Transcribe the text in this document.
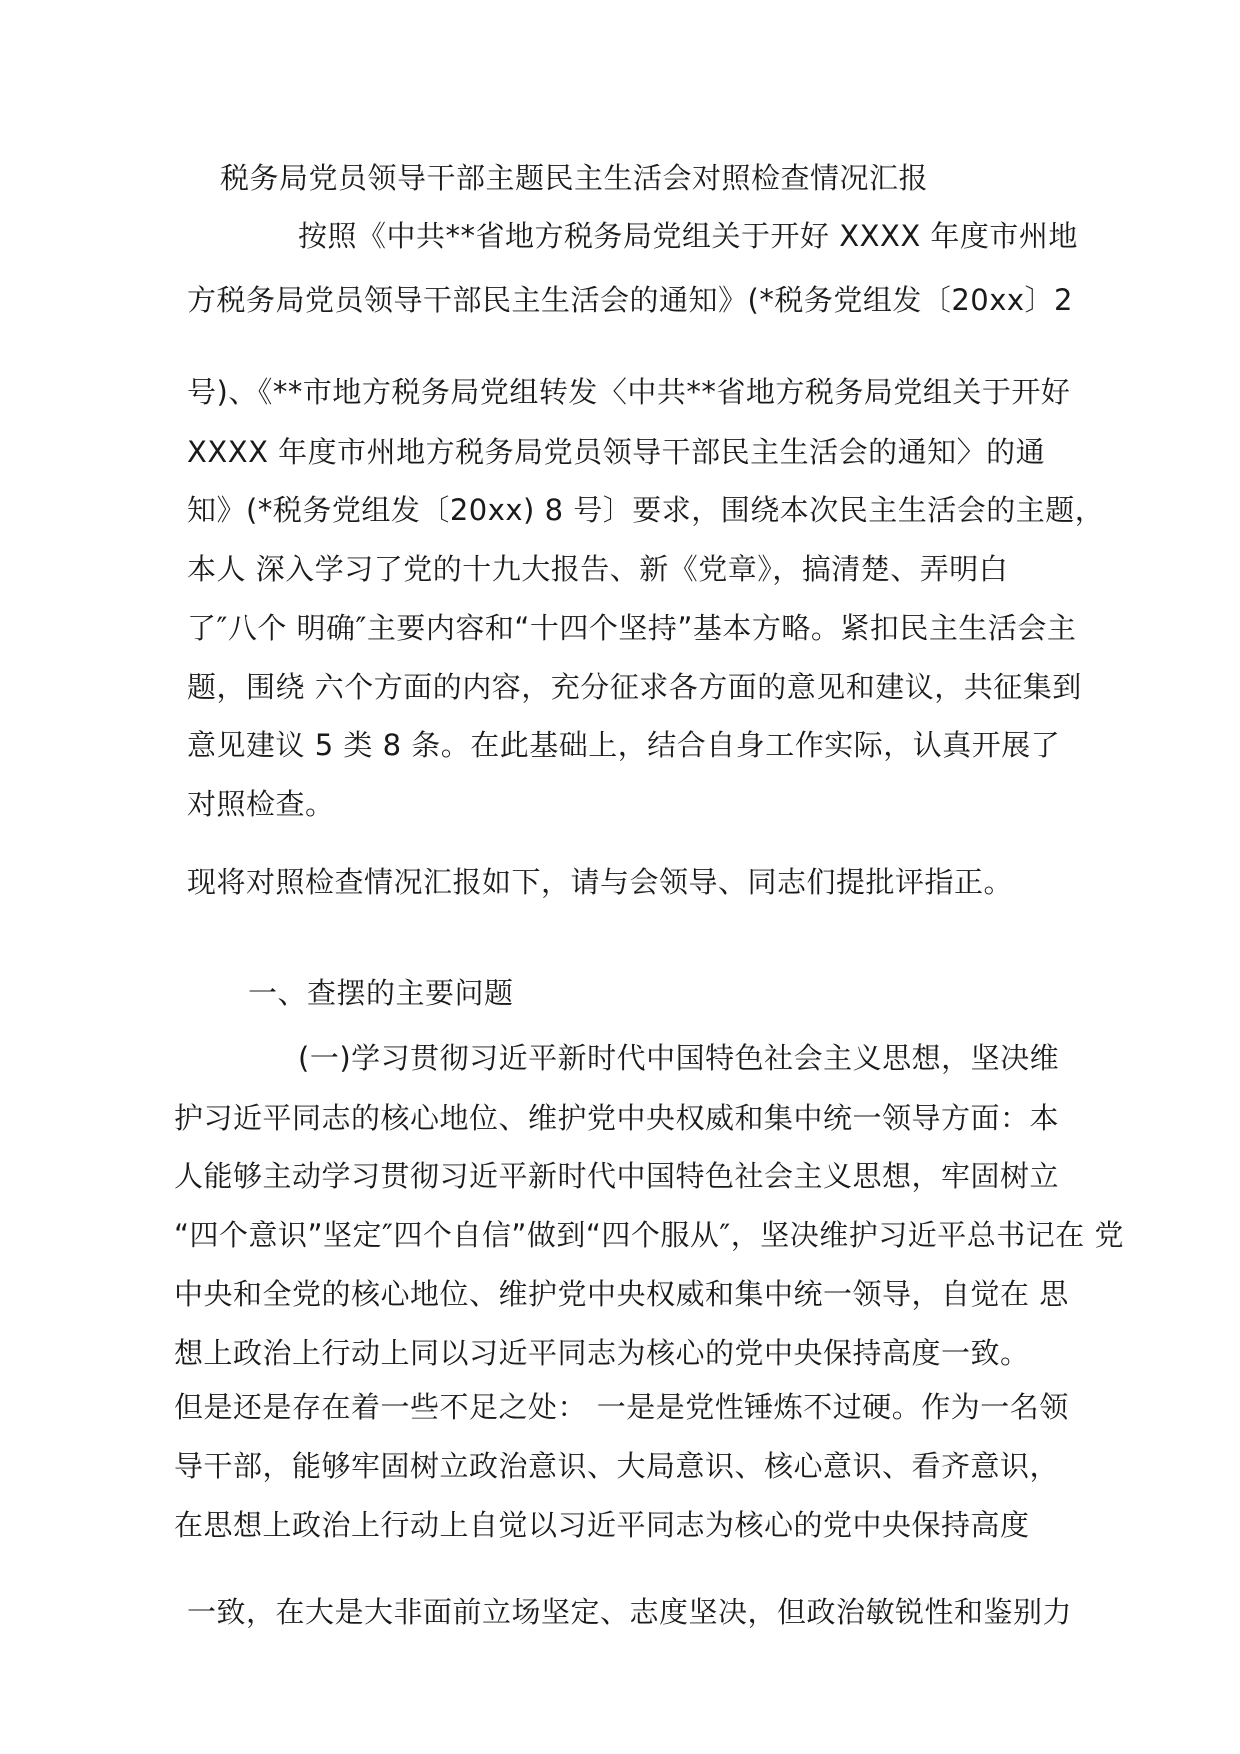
税务局党员领导干部主题民主生活会对照检查情况汇报
按照《中共**省地方税务局党组关于开好 XXXX 年度市州地
方税务局党员领导干部民主生活会的通知》(*税务党组发〔20xx〕2
号)、《**市地方税务局党组转发〈中共**省地方税务局党组关于开好
XXXX 年度市州地方税务局党员领导干部民主生活会的通知〉的通
知》(*税务党组发〔20xx) 8 号〕要求，围绕本次民主生活会的主题，
本人 深入学习了党的十九大报告、新《党章》，搞清楚、弄明白
了″八个 明确″主要内容和“十四个坚持”基本方略。紧扣民主生活会主
题，围绕 六个方面的内容，充分征求各方面的意见和建议，共征集到
意见建议 5 类 8 条。在此基础上，结合自身工作实际，认真开展了
对照检查。
现将对照检查情况汇报如下，请与会领导、同志们提批评指正。
一、查摆的主要问题
(一)学习贯彻习近平新时代中国特色社会主义思想，坚决维
护习近平同志的核心地位、维护党中央权威和集中统一领导方面：本
人能够主动学习贯彻习近平新时代中国特色社会主义思想，牢固树立
“四个意识”坚定″四个自信”做到“四个服从″，坚决维护习近平总书记在 党
中央和全党的核心地位、维护党中央权威和集中统一领导，自觉在 思
想上政治上行动上同以习近平同志为核心的党中央保持高度一致。
但是还是存在着一些不足之处： 一是是党性锤炼不过硬。作为一名领
导干部，能够牢固树立政治意识、大局意识、核心意识、看齐意识，
在思想上政治上行动上自觉以习近平同志为核心的党中央保持高度
一致，在大是大非面前立场坚定、志度坚决，但政治敏锐性和鉴别力
